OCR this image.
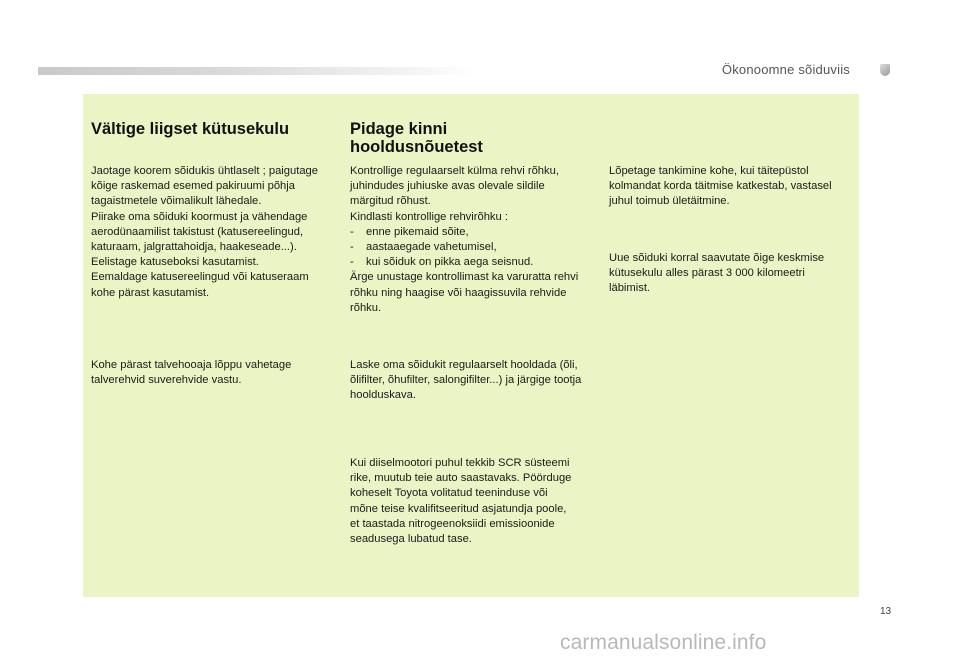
Ökonoomne sõiduviis
Vältige liigset kütusekulu
Jaotage koorem sõidukis ühtlaselt ; paigutage
kõige raskemad esemed pakiruumi põhja
tagaistmetele võimalikult lähedale.
Piirake oma sõiduki koormust ja vähendage
aerodünaamilist takistust (katusereelingud,
katuraam, jalgrattahoidja, haakeseade...).
Eelistage katuseboksi kasutamist.
Eemaldage katusereelingud või katuseraam
kohe pärast kasutamist.
Kohe pärast talvehooaja lõppu vahetage
talverehvid suverehvide vastu.
Pidage kinni
hooldusnõuetest
Kontrollige regulaarselt külma rehvi rõhku,
juhindudes juhiuske avas olevale sildile
märgitud rõhust.
Kindlasti kontrollige rehvirõhku :
- enne pikemaid sõite,
- aastaaegade vahetumisel,
- kui sõiduk on pikka aega seisnud.
Ärge unustage kontrollimast ka varuratta rehvi
rõhku ning haagise või haagissuvila rehvide
rõhku.
Laske oma sõidukit regulaarselt hooldada (õli,
õlifilter, õhufilter, salongifilter...) ja järgige tootja
hoolduskava.
Kui diiselmootori puhul tekkib SCR süsteemi
rike, muutub teie auto saastavaks. Pöörduge
koheselt Toyota volitatud teeninduse või
mõne teise kvalifitseeritud asjatundja poole,
et taastada nitrogeenoksiidi emissioonide
seadusega lubatud tase.
Lõpetage tankimine kohe, kui täitepüstol
kolmandat korda täitmise katkestab, vastasel
juhul toimub ületäitmine.
Uue sõiduki korral saavutate õige keskmise
kütusekulu alles pärast 3 000 kilomeetri
läbimist.
13
carmanualsonline.info
